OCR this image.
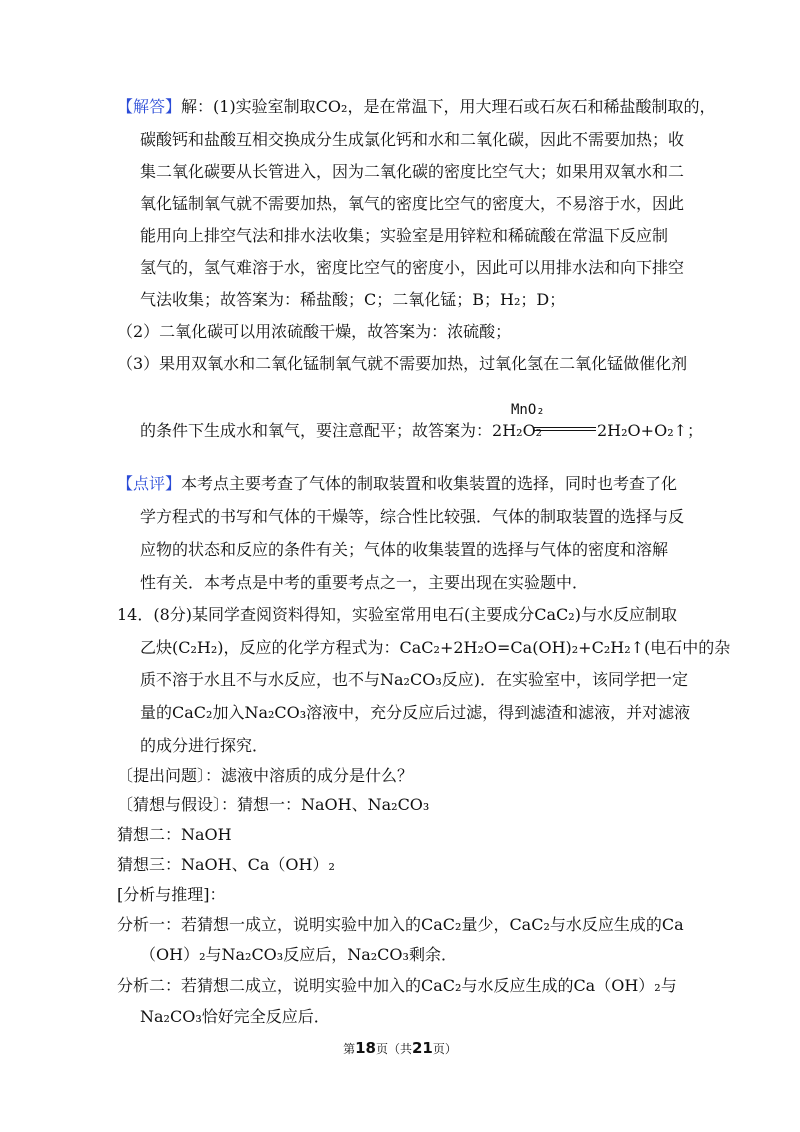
【解答】解：(1)实验室制取CO₂，是在常温下，用大理石或石灰石和稀盐酸制取的，
碳酸钙和盐酸互相交换成分生成氯化钙和水和二氧化碳，因此不需要加热；收
集二氧化碳要从长管进入，因为二氧化碳的密度比空气大；如果用双氧水和二
氧化锰制氧气就不需要加热，氧气的密度比空气的密度大，不易溶于水，因此
能用向上排空气法和排水法收集；实验室是用锌粒和稀硫酸在常温下反应制
氢气的，氢气难溶于水，密度比空气的密度小，因此可以用排水法和向下排空
气法收集；故答案为：稀盐酸；C；二氧化锰；B；H₂；D；
（2）二氧化碳可以用浓硫酸干燥，故答案为：浓硫酸；
（3）果用双氧水和二氧化锰制氧气就不需要加热，过氧化氢在二氧化锰做催化剂
的条件下生成水和氧气，要注意配平；故答案为：2H₂O₂
MnO₂
2H₂O+O₂↑；
【点评】本考点主要考查了气体的制取装置和收集装置的选择，同时也考查了化
学方程式的书写和气体的干燥等，综合性比较强．气体的制取装置的选择与反
应物的状态和反应的条件有关；气体的收集装置的选择与气体的密度和溶解
性有关．本考点是中考的重要考点之一，主要出现在实验题中．
14．(8分)某同学查阅资料得知，实验室常用电石(主要成分CaC₂)与水反应制取
乙炔(C₂H₂)，反应的化学方程式为：CaC₂+2H₂O=Ca(OH)₂+C₂H₂↑(电石中的杂
质不溶于水且不与水反应，也不与Na₂CO₃反应)．在实验室中，该同学把一定
量的CaC₂加入Na₂CO₃溶液中，充分反应后过滤，得到滤渣和滤液，并对滤液
的成分进行探究．
〔提出问题〕：滤液中溶质的成分是什么？
〔猜想与假设〕：猜想一：NaOH、Na₂CO₃
猜想二：NaOH
猜想三：NaOH、Ca（OH）₂
[分析与推理]：
分析一：若猜想一成立，说明实验中加入的CaC₂量少，CaC₂与水反应生成的Ca
（OH）₂与Na₂CO₃反应后，Na₂CO₃剩余．
分析二：若猜想二成立，说明实验中加入的CaC₂与水反应生成的Ca（OH）₂与
Na₂CO₃恰好完全反应后．
第18页（共21页）
